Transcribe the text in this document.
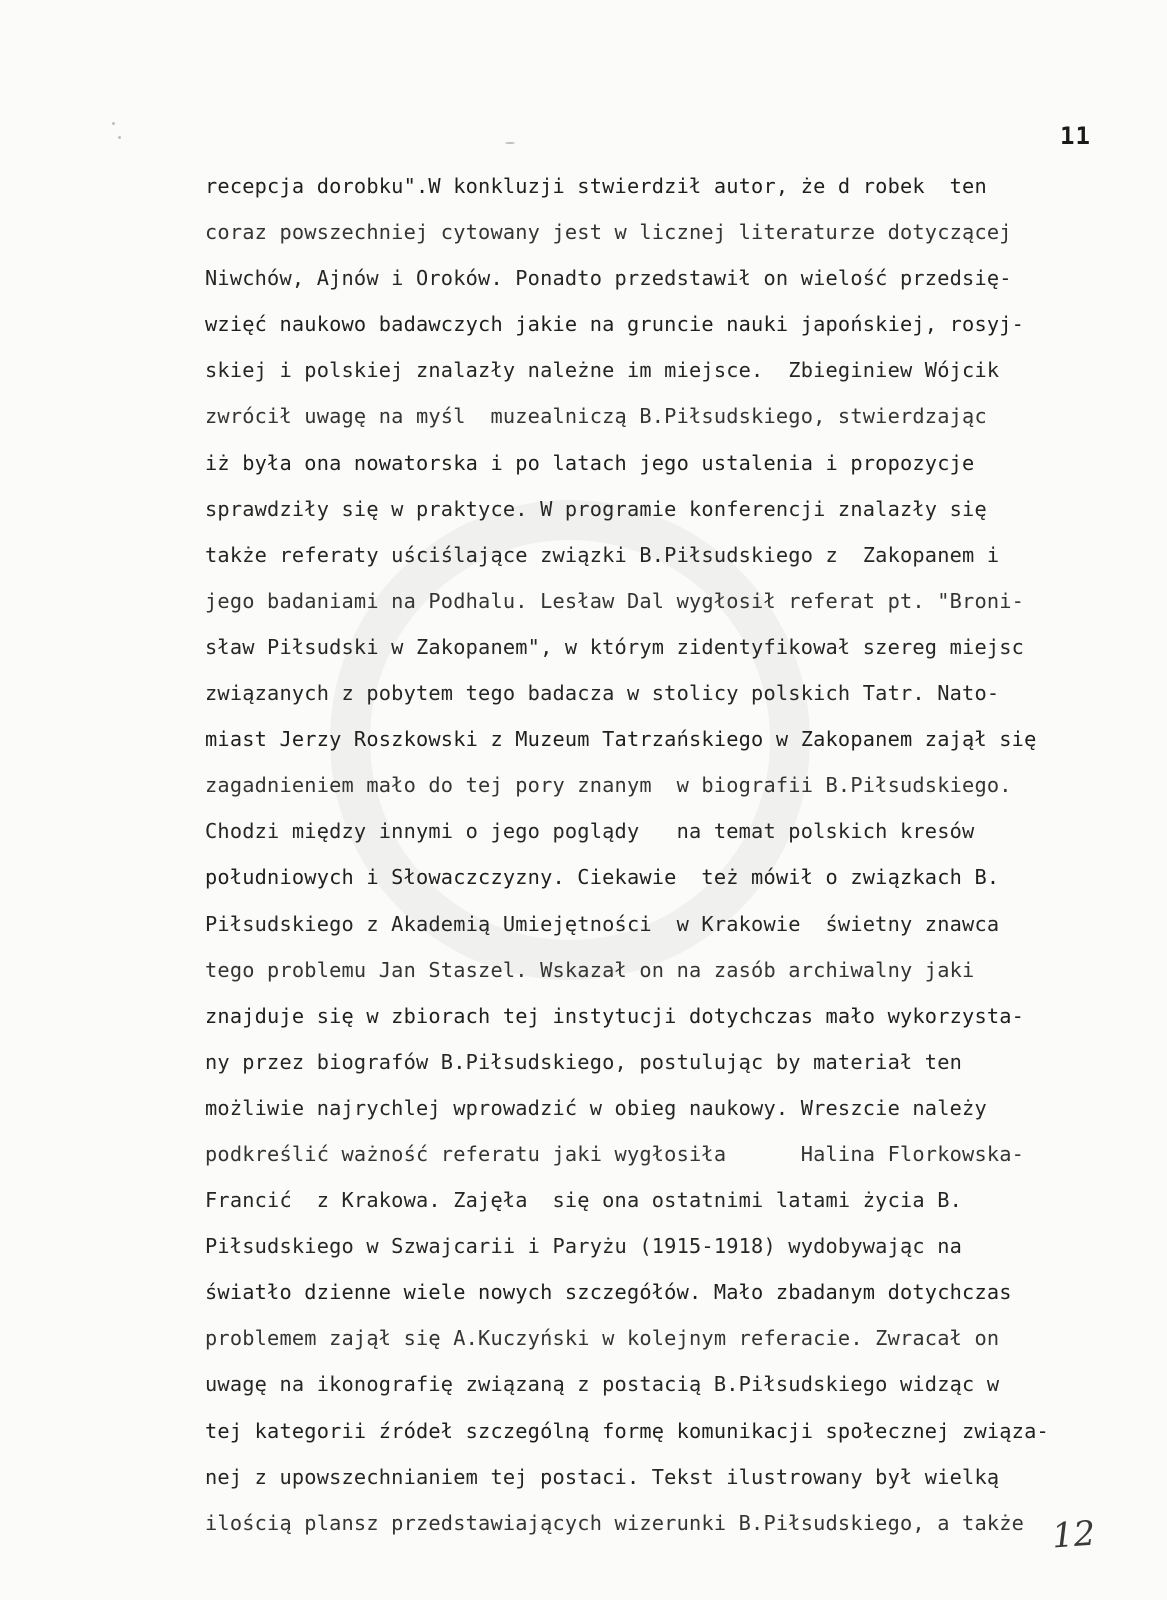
11
recepcja dorobku".W konkluzji stwierdził autor, że d robek  ten
coraz powszechniej cytowany jest w licznej literaturze dotyczącej
Niwchów, Ajnów i Oroków. Ponadto przedstawił on wielość przedsię-
wzięć naukowo badawczych jakie na gruncie nauki japońskiej, rosyj-
skiej i polskiej znalazły należne im miejsce.  Zbieginiew Wójcik
zwrócił uwagę na myśl  muzealniczą B.Piłsudskiego, stwierdzając
iż była ona nowatorska i po latach jego ustalenia i propozycje
sprawdziły się w praktyce. W programie konferencji znalazły się
także referaty uściślające związki B.Piłsudskiego z  Zakopanem i
jego badaniami na Podhalu. Lesław Dal wygłosił referat pt. "Broni-
sław Piłsudski w Zakopanem", w którym zidentyfikował szereg miejsc
związanych z pobytem tego badacza w stolicy polskich Tatr. Nato-
miast Jerzy Roszkowski z Muzeum Tatrzańskiego w Zakopanem zajął się
zagadnieniem mało do tej pory znanym  w biografii B.Piłsudskiego.
Chodzi między innymi o jego poglądy   na temat polskich kresów
południowych i Słowaczczyzny. Ciekawie  też mówił o związkach B.
Piłsudskiego z Akademią Umiejętności  w Krakowie  świetny znawca
tego problemu Jan Staszel. Wskazał on na zasób archiwalny jaki
znajduje się w zbiorach tej instytucji dotychczas mało wykorzysta-
ny przez biografów B.Piłsudskiego, postulując by materiał ten
możliwie najrychlej wprowadzić w obieg naukowy. Wreszcie należy
podkreślić ważność referatu jaki wygłosiła      Halina Florkowska-
Francić  z Krakowa. Zajęła  się ona ostatnimi latami życia B.
Piłsudskiego w Szwajcarii i Paryżu (1915-1918) wydobywając na
światło dzienne wiele nowych szczegółów. Mało zbadanym dotychczas
problemem zajął się A.Kuczyński w kolejnym referacie. Zwracał on
uwagę na ikonografię związaną z postacią B.Piłsudskiego widząc w
tej kategorii źródeł szczególną formę komunikacji społecznej związa-
nej z upowszechnianiem tej postaci. Tekst ilustrowany był wielką
ilością plansz przedstawiających wizerunki B.Piłsudskiego, a także 12
